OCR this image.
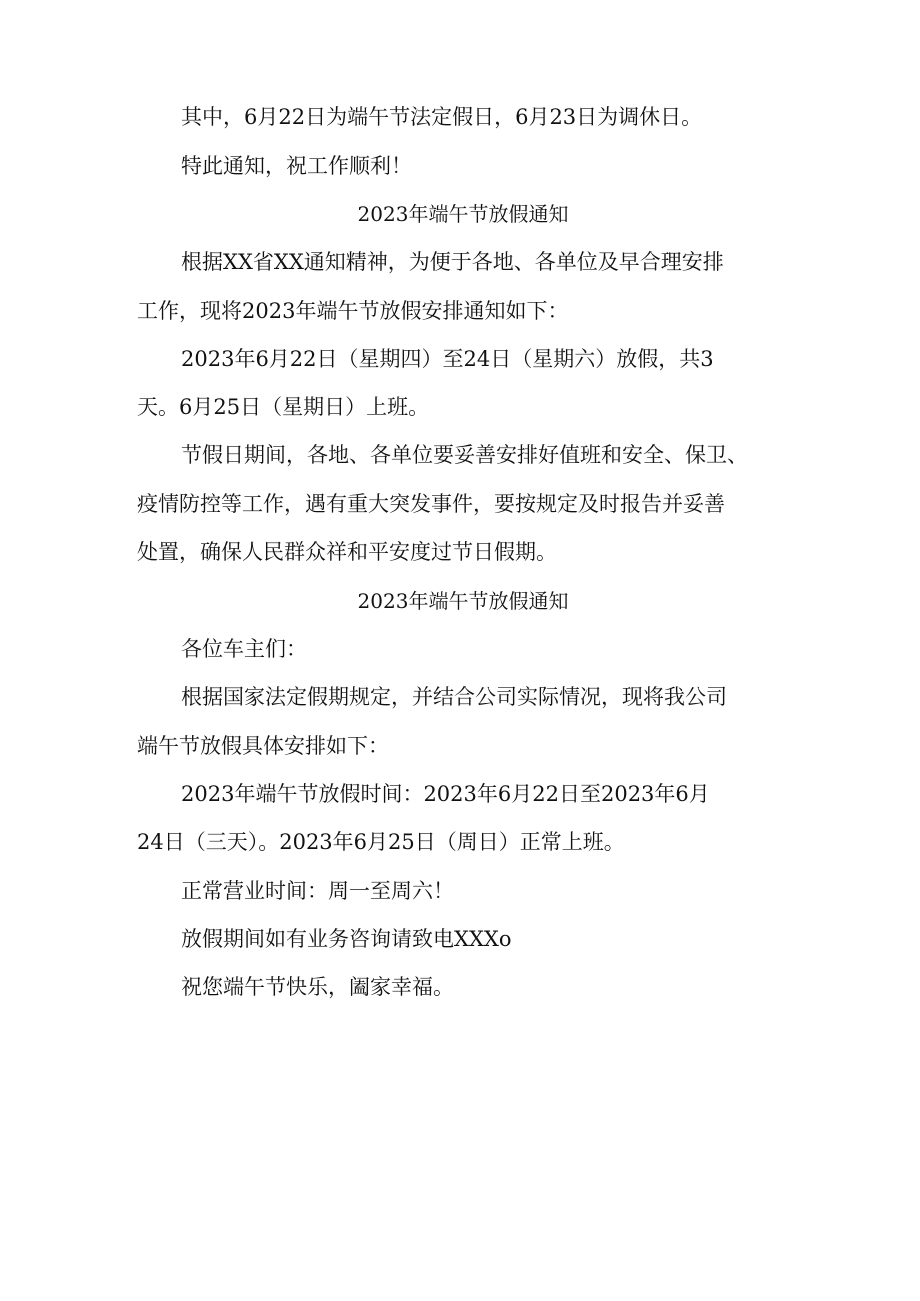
其中，6月22日为端午节法定假日，6月23日为调休日。
特此通知，祝工作顺利！
2023年端午节放假通知
根据XX省XX通知精神，为便于各地、各单位及早合理安排
工作，现将2023年端午节放假安排通知如下：
2023年6月22日（星期四）至24日（星期六）放假，共3
天。6月25日（星期日）上班。
节假日期间，各地、各单位要妥善安排好值班和安全、保卫、
疫情防控等工作，遇有重大突发事件，要按规定及时报告并妥善
处置，确保人民群众祥和平安度过节日假期。
2023年端午节放假通知
各位车主们：
根据国家法定假期规定，并结合公司实际情况，现将我公司
端午节放假具体安排如下：
2023年端午节放假时间：2023年6月22日至2023年6月
24日（三天）。2023年6月25日（周日）正常上班。
正常营业时间：周一至周六！
放假期间如有业务咨询请致电XXXo
祝您端午节快乐，阖家幸福。
